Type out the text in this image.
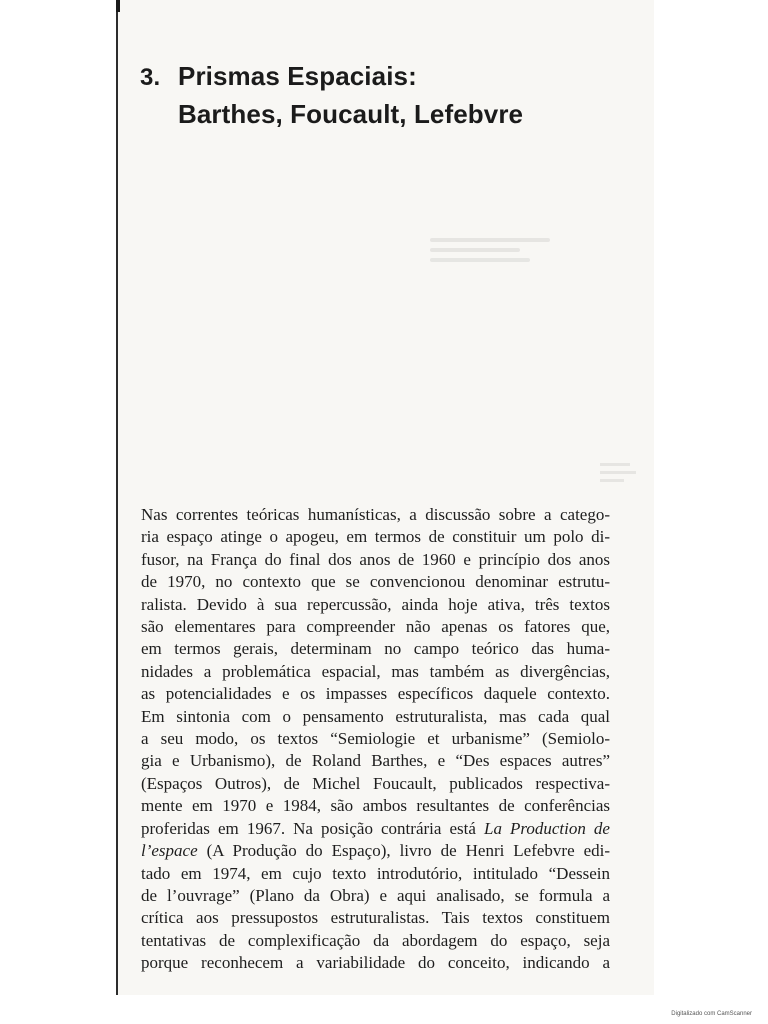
3. Prismas Espaciais:
Barthes, Foucault, Lefebvre
Nas correntes teóricas humanísticas, a discussão sobre a catego-
ria espaço atinge o apogeu, em termos de constituir um polo di-
fusor, na França do final dos anos de 1960 e princípio dos anos
de 1970, no contexto que se convencionou denominar estrutu-
ralista. Devido à sua repercussão, ainda hoje ativa, três textos
são elementares para compreender não apenas os fatores que,
em termos gerais, determinam no campo teórico das huma-
nidades a problemática espacial, mas também as divergências,
as potencialidades e os impasses específicos daquele contexto.
Em sintonia com o pensamento estruturalista, mas cada qual
a seu modo, os textos “Semiologie et urbanisme” (Semiolo-
gia e Urbanismo), de Roland Barthes, e “Des espaces autres”
(Espaços Outros), de Michel Foucault, publicados respectiva-
mente em 1970 e 1984, são ambos resultantes de conferências
proferidas em 1967. Na posição contrária está La Production de
l’espace (A Produção do Espaço), livro de Henri Lefebvre edi-
tado em 1974, em cujo texto introdutório, intitulado “Dessein
de l’ouvrage” (Plano da Obra) e aqui analisado, se formula a
crítica aos pressupostos estruturalistas. Tais textos constituem
tentativas de complexificação da abordagem do espaço, seja
porque reconhecem a variabilidade do conceito, indicando a
Digitalizado com CamScanner
